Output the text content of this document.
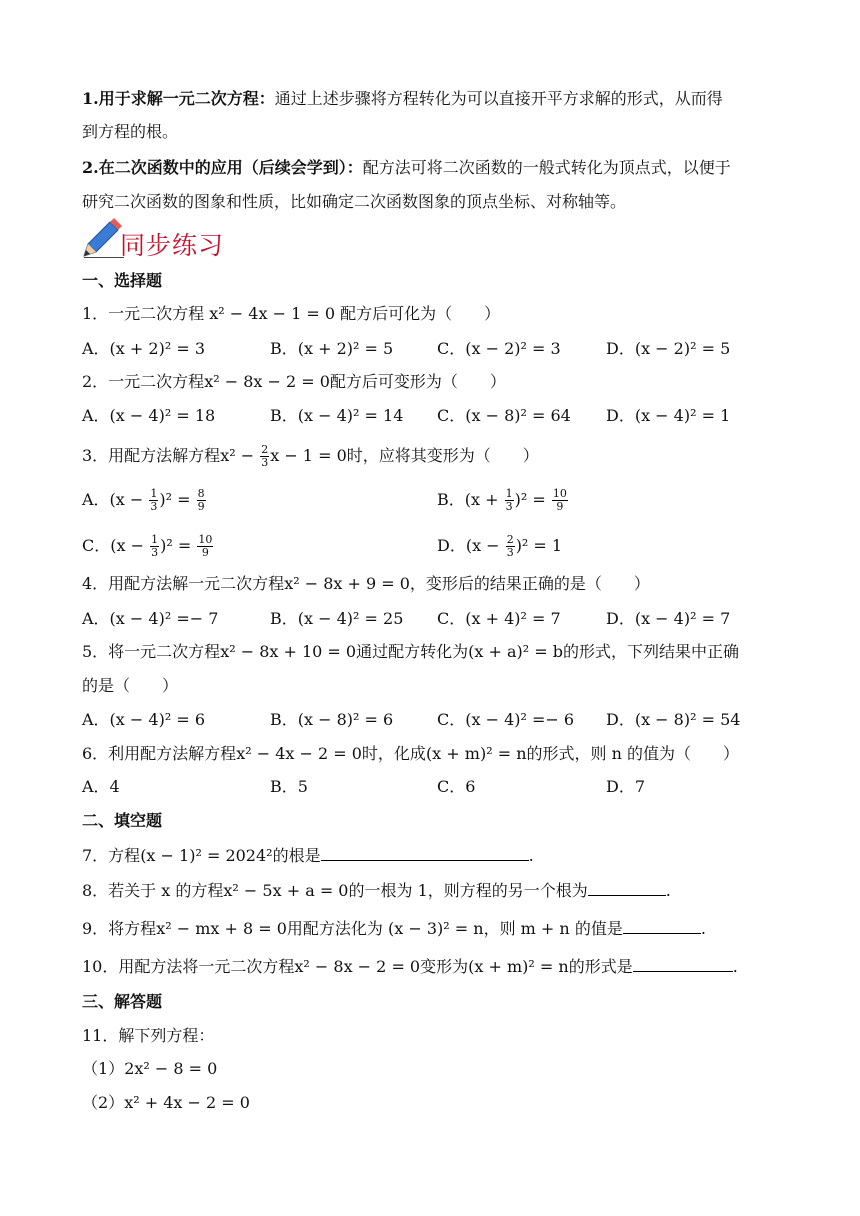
1.用于求解一元二次方程：通过上述步骤将方程转化为可以直接开平方求解的形式，从而得
到方程的根。
2.在二次函数中的应用（后续会学到）：配方法可将二次函数的一般式转化为顶点式，以便于
研究二次函数的图象和性质，比如确定二次函数图象的顶点坐标、对称轴等。
同步练习
一、选择题
1．一元二次方程 x² − 4x − 1 = 0 配方后可化为（　　）
A．(x + 2)² = 3	B．(x + 2)² = 5	C．(x − 2)² = 3	D．(x − 2)² = 5
2．一元二次方程x² − 8x − 2 = 0配方后可变形为（　　）
A．(x − 4)² = 18	B．(x − 4)² = 14 C．(x − 8)² = 64 D．(x − 4)² = 1
3．用配方法解方程$x^2 - \frac{2}{3}$ x − 1 = 0时，应将其变形为（　　）
A．$(x - \frac{1}{3} )^2 = \frac{8}{9}$	B．$(x + \frac{1}{3} )^2 = \frac{10}{9}$
C．$(x - \frac{1}{3} )^2 = \frac{10}{9}$	D．$(x - \frac{2}{3} )^2 = 1$
4．用配方法解一元二次方程x² − 8x + 9 = 0，变形后的结果正确的是（　　）
A．(x − 4)² =− 7	B．(x − 4)² = 25 C．(x + 4)² = 7	D．(x − 4)² = 7
5．将一元二次方程x² − 8x + 10 = 0通过配方转化为(x + a)² = b的形式，下列结果中正确
的是（　　）
A．(x − 4)² = 6	B．(x − 8)² = 6	C．(x − 4)² =− 6 D．(x − 8)² = 54
6．利用配方法解方程x² − 4x − 2 = 0时，化成(x + m)² = n的形式，则 n 的值为（　　）
A．4	B．5	C．6	D．7
二、填空题
7．方程(x − 1)² = 2024²的根是	.
8．若关于 x 的方程x² − 5x + a = 0的一根为 1，则方程的另一个根为	.
9．将方程x² − mx + 8 = 0用配方法化为 (x − 3)² = n，则 m + n 的值是	.
10．用配方法将一元二次方程x² − 8x − 2 = 0变形为(x + m)² = n的形式是	.
三、解答题
11．解下列方程：
（1）2x² − 8 = 0
（2）x² + 4x − 2 = 0
